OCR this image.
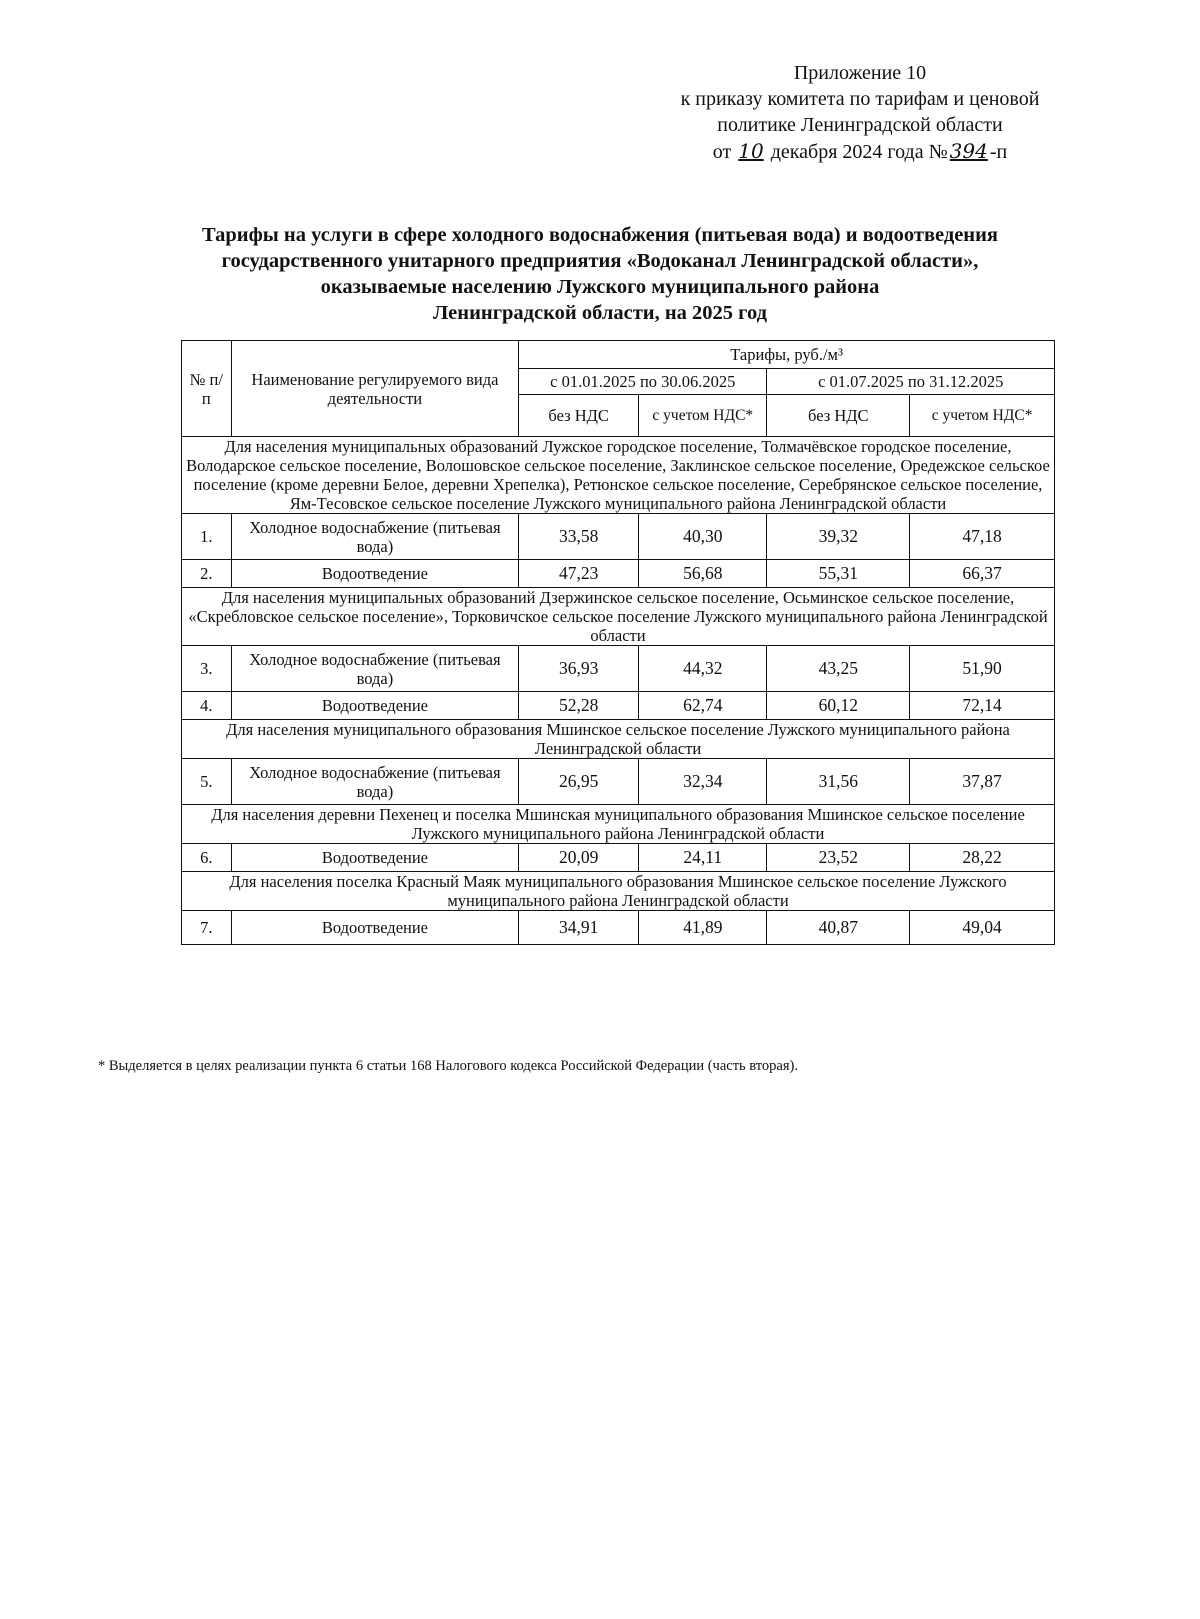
Приложение 10
к приказу комитета по тарифам и ценовой
политике Ленинградской области
от 10 декабря 2024 года № 394 -п
Тарифы на услуги в сфере холодного водоснабжения (питьевая вода) и водоотведения
государственного унитарного предприятия «Водоканал Ленинградской области»,
оказываемые населению Лужского муниципального района
Ленинградской области, на 2025 год
№ п/п	Наименование регулируемого вида деятельности	Тарифы, руб./м³			
		с 01.01.2025 по 30.06.2025		с 01.07.2025 по 31.12.2025	
		без НДС	с учетом НДС*	без НДС	с учетом НДС*
Для населения муниципальных образований Лужское городское поселение, Толмачёвское городское поселение, Володарское сельское поселение, Волошовское сельское поселение, Заклинское сельское поселение, Оредежское сельское поселение (кроме деревни Белое, деревни Хрепелка), Ретюнское сельское поселение, Серебрянское сельское поселение, Ям-Тесовское сельское поселение Лужского муниципального района Ленинградской области					
1.	Холодное водоснабжение (питьевая вода)	33,58	40,30	39,32	47,18
2.	Водоотведение	47,23	56,68	55,31	66,37
Для населения муниципальных образований Дзержинское сельское поселение, Осьминское сельское поселение, «Скребловское сельское поселение», Торковичское сельское поселение Лужского муниципального района Ленинградской области					
3.	Холодное водоснабжение (питьевая вода)	36,93	44,32	43,25	51,90
4.	Водоотведение	52,28	62,74	60,12	72,14
Для населения муниципального образования Мшинское сельское поселение Лужского муниципального района Ленинградской области					
5.	Холодное водоснабжение (питьевая вода)	26,95	32,34	31,56	37,87
Для населения деревни Пехенец и поселка Мшинская муниципального образования Мшинское сельское поселение Лужского муниципального района Ленинградской области					
6.	Водоотведение	20,09	24,11	23,52	28,22
Для населения поселка Красный Маяк муниципального образования Мшинское сельское поселение Лужского муниципального района Ленинградской области					
7.	Водоотведение	34,91	41,89	40,87	49,04
* Выделяется в целях реализации пункта 6 статьи 168 Налогового кодекса Российской Федерации (часть вторая).
